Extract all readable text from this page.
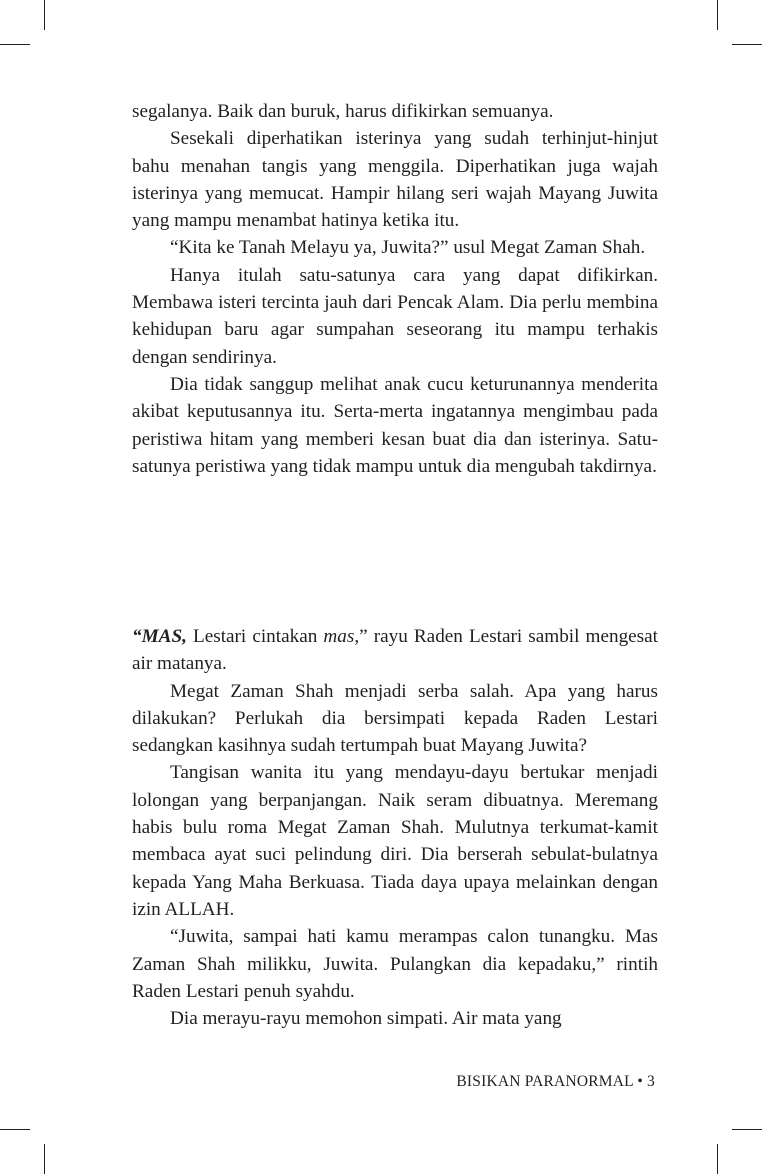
segalanya. Baik dan buruk, harus difikirkan semuanya.

Sesekali diperhatikan isterinya yang sudah terhinjut-hinjut bahu menahan tangis yang menggila. Diperhatikan juga wajah isterinya yang memucat. Hampir hilang seri wajah Mayang Juwita yang mampu menambat hatinya ketika itu.

“Kita ke Tanah Melayu ya, Juwita?” usul Megat Zaman Shah.

Hanya itulah satu-satunya cara yang dapat difikirkan. Membawa isteri tercinta jauh dari Pencak Alam. Dia perlu membina kehidupan baru agar sumpahan seseorang itu mampu terhakis dengan sendirinya.

Dia tidak sanggup melihat anak cucu keturunannya menderita akibat keputusannya itu. Serta-merta ingatannya mengimbau pada peristiwa hitam yang memberi kesan buat dia dan isterinya. Satu-satunya peristiwa yang tidak mampu untuk dia mengubah takdirnya.

“MAS, Lestari cintakan mas,” rayu Raden Lestari sambil mengesat air matanya.

Megat Zaman Shah menjadi serba salah. Apa yang harus dilakukan? Perlukah dia bersimpati kepada Raden Lestari sedangkan kasihnya sudah tertumpah buat Mayang Juwita?

Tangisan wanita itu yang mendayu-dayu bertukar menjadi lolongan yang berpanjangan. Naik seram dibuatnya. Meremang habis bulu roma Megat Zaman Shah. Mulutnya terkumat-kamit membaca ayat suci pelindung diri. Dia berserah sebulat-bulatnya kepada Yang Maha Berkuasa. Tiada daya upaya melainkan dengan izin ALLAH.

“Juwita, sampai hati kamu merampas calon tunangku. Mas Zaman Shah milikku, Juwita. Pulangkan dia kepadaku,” rintih Raden Lestari penuh syahdu.

Dia merayu-rayu memohon simpati. Air mata yang

BISIKAN PARANORMAL • 3
